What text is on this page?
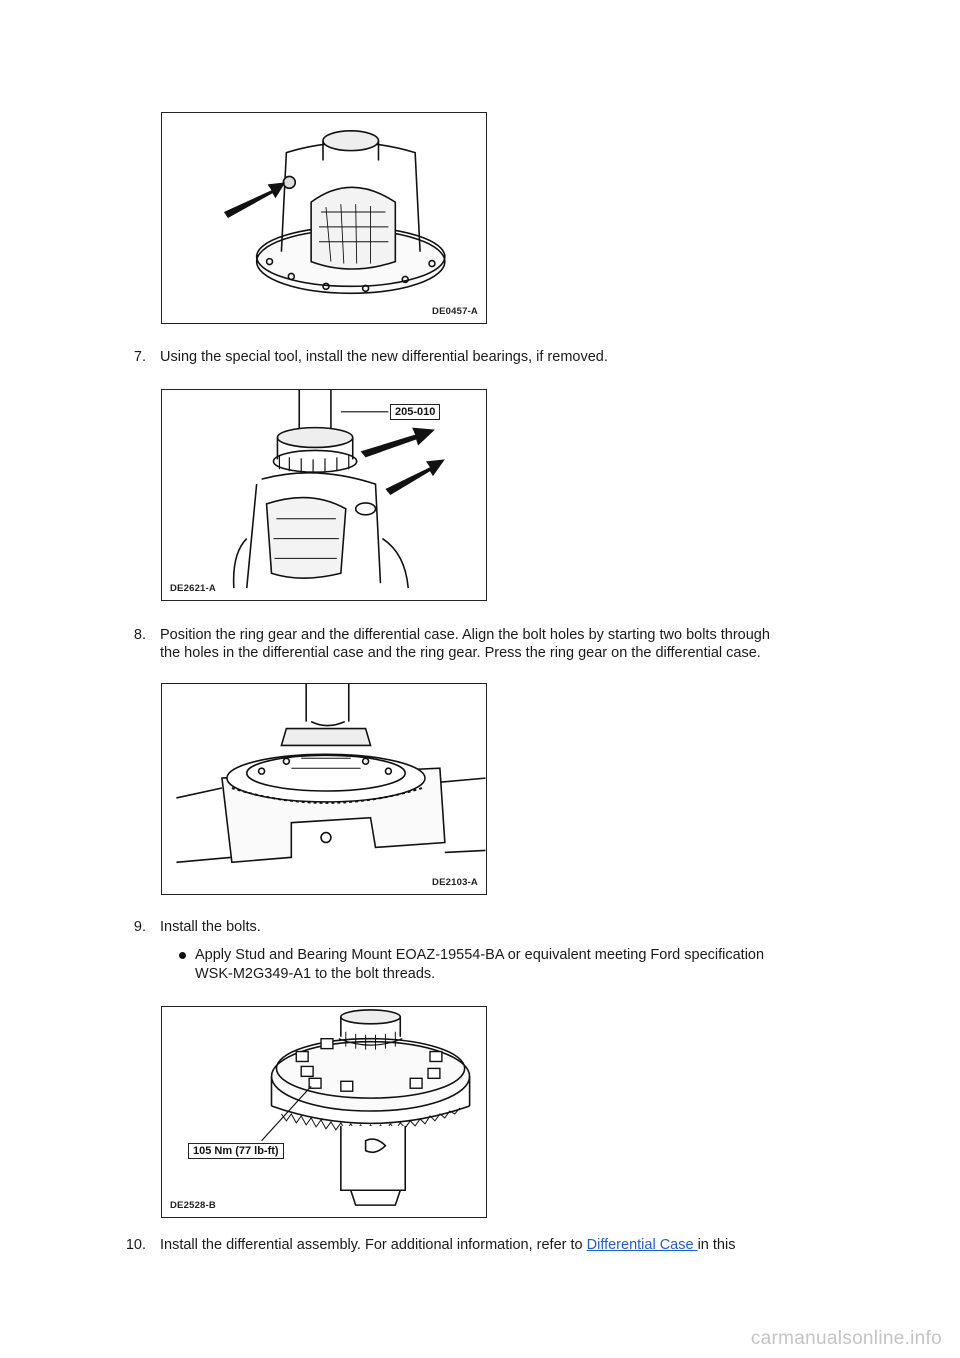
DE0457-A
7. Using the special tool, install the new differential bearings, if removed.
205-010
DE2621-A
8. Position the ring gear and the differential case. Align the bolt holes by starting two bolts through
the holes in the differential case and the ring gear. Press the ring gear on the differential case.
DE2103-A
9. Install the bolts.
Apply Stud and Bearing Mount EOAZ-19554-BA or equivalent meeting Ford specification
WSK-M2G349-A1 to the bolt threads.
105 Nm (77 lb-ft)
DE2528-B
10. Install the differential assembly. For additional information, refer to Differential Case in this
carmanualsonline.info
